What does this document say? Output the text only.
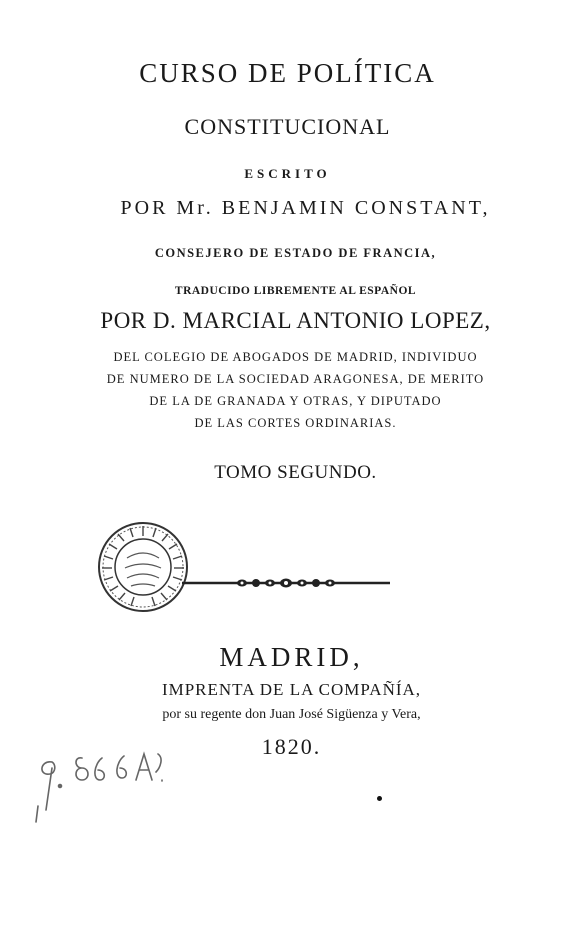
CURSO DE POLÍTICA
CONSTITUCIONAL
ESCRITO
POR Mr. BENJAMIN CONSTANT,
CONSEJERO DE ESTADO DE FRANCIA,
TRADUCIDO LIBREMENTE AL ESPAÑOL
POR D. MARCIAL ANTONIO LOPEZ,
DEL COLEGIO DE ABOGADOS DE MADRID, INDIVIDUO
DE NUMERO DE LA SOCIEDAD ARAGONESA, DE MERITO
DE LA DE GRANADA Y OTRAS, Y DIPUTADO
DE LAS CORTES ORDINARIAS.
TOMO SEGUNDO.
MADRID,
IMPRENTA DE LA COMPAÑÍA,
por su regente don Juan José Sigüenza y Vera,
1820.
